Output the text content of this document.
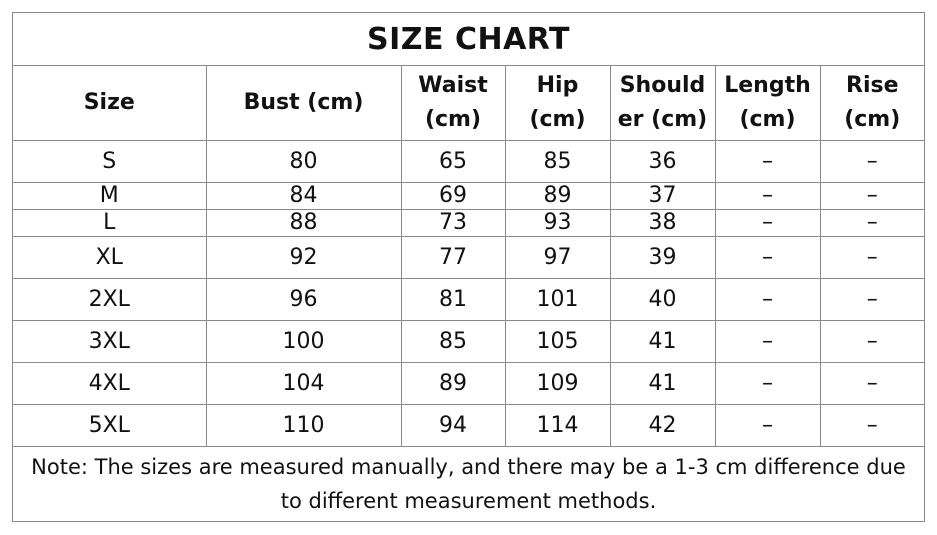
SIZE CHART
Size	Bust (cm)	Waist (cm)	Hip (cm)	Shoulder (cm)	Length (cm)	Rise (cm)
S	80	65	85	36	–	–
M	84	69	89	37	–	–
L	88	73	93	38	–	–
XL	92	77	97	39	–	–
2XL	96	81	101	40	–	–
3XL	100	85	105	41	–	–
4XL	104	89	109	41	–	–
5XL	110	94	114	42	–	–
Note: The sizes are measured manually, and there may be a 1-3 cm difference due to different measurement methods.
